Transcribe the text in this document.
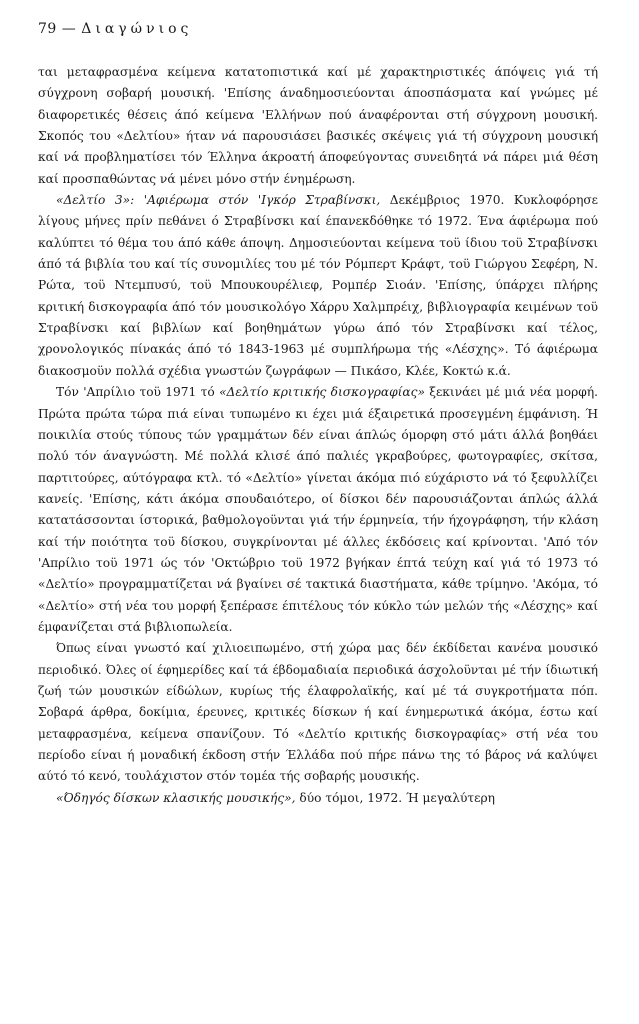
79 — Διαγώνιος

ται μεταφρασμένα κείμενα κατατοπιστικά καί μέ χαρακτηριστικές άπόψεις γιά τή σύγχρονη σοβαρή μουσική. 'Επίσης άναδημοσιεύονται άποσπάσματα καί γνώμες μέ διαφορετικές θέσεις άπό κείμενα 'Ελλήνων πού άναφέρονται στή σύγχρονη μουσική. Σκοπός του «Δελτίου» ήταν νά παρουσιάσει βασικές σκέψεις γιά τή σύγχρονη μουσική καί νά προβληματίσει τόν Έλληνα άκροατή άποφεύγοντας συνειδητά νά πάρει μιά θέση καί προσπαθώντας νά μένει μόνο στήν ένημέρωση.

«Δελτίο 3»: 'Αφιέρωμα στόν 'Ιγκόρ Στραβίνσκι, Δεκέμβριος 1970. Κυκλοφόρησε λίγους μήνες πρίν πεθάνει ό Στραβίνσκι καί έπανεκδόθηκε τό 1972. Ένα άφιέρωμα πού καλύπτει τό θέμα του άπό κάθε άποψη. Δημοσιεύονται κείμενα τοϋ ίδιου τοϋ Στραβίνσκι άπό τά βιβλία του καί τίς συνομιλίες του μέ τόν Ρόμπερτ Κράφτ, τοϋ Γιώργου Σεφέρη, Ν. Ρώτα, τοϋ Ντεμπυσύ, τοϋ Μπουκουρέλιεφ, Ρομπέρ Σιοάν. 'Επίσης, ύπάρχει πλήρης κριτική δισκογραφία άπό τόν μουσικολόγο Χάρρυ Χαλμπρέιχ, βιβλιογραφία κειμένων τοϋ Στραβίνσκι καί βιβλίων καί βοηθημάτων γύρω άπό τόν Στραβίνσκι καί τέλος, χρονολογικός πίνακάς άπό τό 1843-1963 μέ συμπλήρωμα τής «Λέσχης». Τό άφιέρωμα διακοσμοϋν πολλά σχέδια γνωστών ζωγράφων — Πικάσο, Κλέε, Κοκτώ κ.ά.

Τόν 'Απρίλιο τοϋ 1971 τό «Δελτίο κριτικής δισκογραφίας» ξεκινάει μέ μιά νέα μορφή. Πρώτα πρώτα τώρα πιά είναι τυπωμένο κι έχει μιά έξαιρετικά προσεγμένη έμφάνιση. Ή ποικιλία στούς τύπους τών γραμμάτων δέν είναι άπλώς όμορφη στό μάτι άλλά βοηθάει πολύ τόν άναγνώστη. Μέ πολλά κλισέ άπό παλιές γκραβούρες, φωτογραφίες, σκίτσα, παρτιτούρες, αύτόγραφα κτλ. τό «Δελτίο» γίνεται άκόμα πιό εύχάριστο νά τό ξεφυλλίζει κανείς. 'Επίσης, κάτι άκόμα σπουδαιότερο, οί δίσκοι δέν παρουσιάζονται άπλώς άλλά κατατάσσονται ίστορικά, βαθμολογοϋνται γιά τήν έρμηνεία, τήν ήχογράφηση, τήν κλάση καί τήν ποιότητα τοϋ δίσκου, συγκρίνονται μέ άλλες έκδόσεις καί κρίνονται. 'Από τόν 'Απρίλιο τοϋ 1971 ώς τόν 'Οκτώβριο τοϋ 1972 βγήκαν έπτά τεύχη καί γιά τό 1973 τό «Δελτίο» προγραμματίζεται νά βγαίνει σέ τακτικά διαστήματα, κάθε τρίμηνο. 'Ακόμα, τό «Δελτίο» στή νέα του μορφή ξεπέρασε έπιτέλους τόν κύκλο τών μελών τής «Λέσχης» καί έμφανίζεται στά βιβλιοπωλεία.

Όπως είναι γνωστό καί χιλιοειπωμένο, στή χώρα μας δέν έκδίδεται κανένα μουσικό περιοδικό. Όλες οί έφημερίδες καί τά έβδομαδιαία περιοδικά άσχολοϋνται μέ τήν ίδιωτική ζωή τών μουσικών είδώλων, κυρίως τής έλαφρολαϊκής, καί μέ τά συγκροτήματα πόπ. Σοβαρά άρθρα, δοκίμια, έρευνες, κριτικές δίσκων ή καί ένημερωτικά άκόμα, έστω καί μεταφρασμένα, κείμενα σπανίζουν. Τό «Δελτίο κριτικής δισκογραφίας» στή νέα του περίοδο είναι ή μοναδική έκδοση στήν Έλλάδα πού πήρε πάνω της τό βάρος νά καλύψει αύτό τό κενό, τουλάχιστον στόν τομέα τής σοβαρής μουσικής.

«Όδηγός δίσκων κλασικής μουσικής», δύο τόμοι, 1972. Ή μεγαλύτερη
